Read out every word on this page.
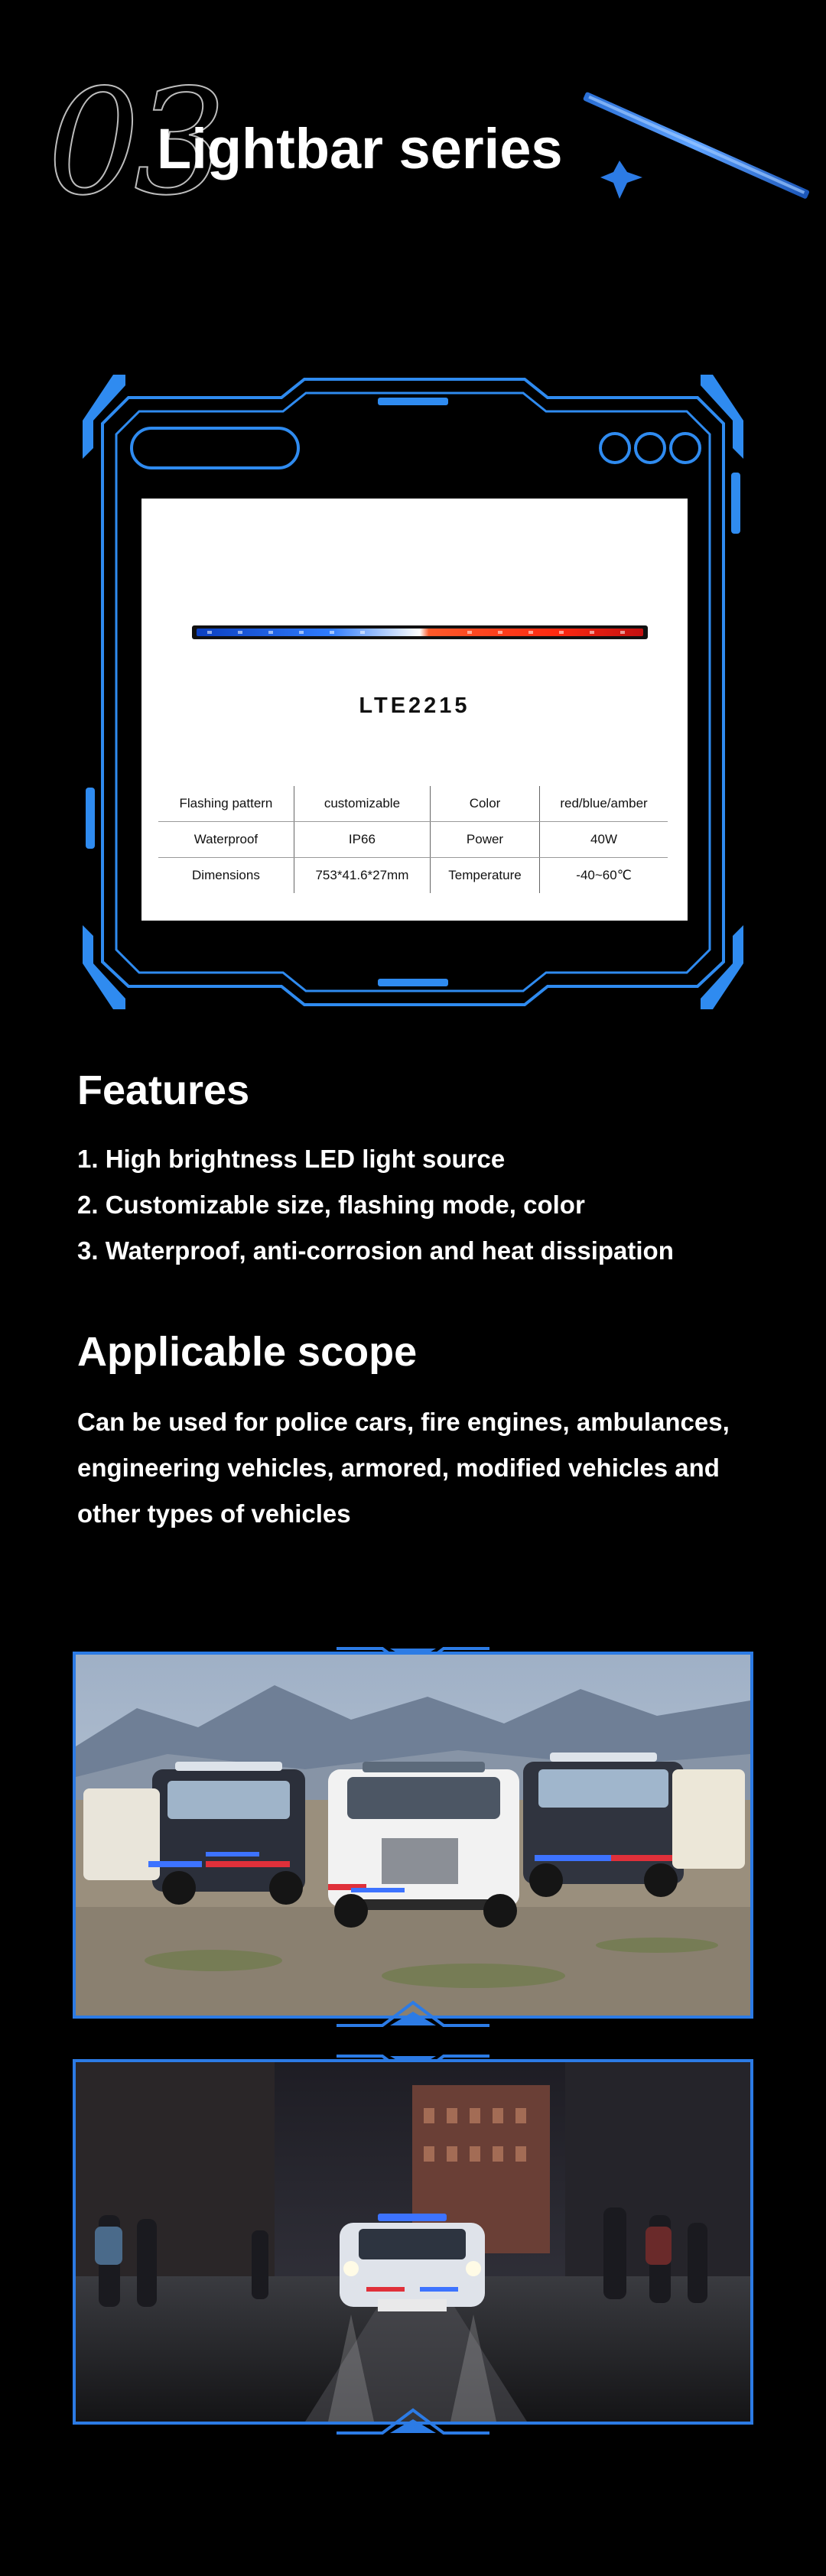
03
Lightbar series
LTE2215
Flashing pattern	customizable	Color	red/blue/amber
Waterproof	IP66	Power	40W
Dimensions	753*41.6*27mm	Temperature	-40~60℃
Features
1. High brightness LED light source
2. Customizable size, flashing mode, color
3. Waterproof, anti-corrosion and heat dissipation
Applicable scope
Can be used for police cars, fire engines, ambulances, engineering vehicles, armored, modified vehicles and other types of vehicles
